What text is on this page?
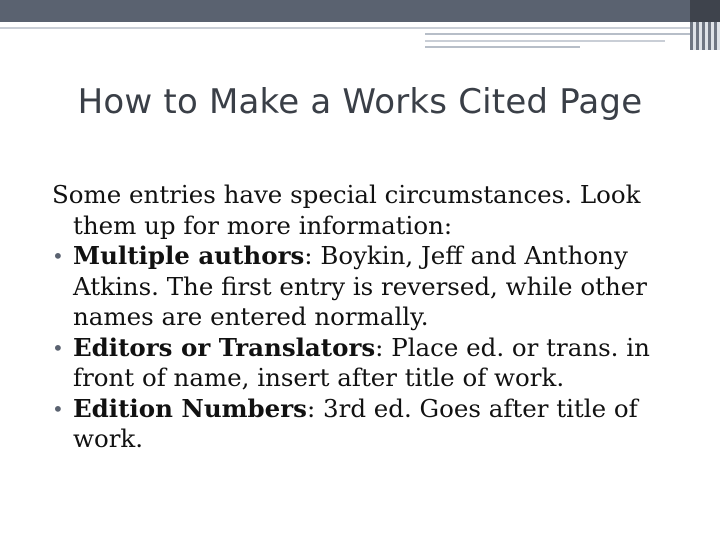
How to Make a Works Cited Page

Some entries have special circumstances. Look them up for more information:

• Multiple authors: Boykin, Jeff and Anthony Atkins. The first entry is reversed, while other names are entered normally.
• Editors or Translators: Place ed. or trans. in front of name, insert after title of work.
• Edition Numbers: 3rd ed. Goes after title of work.
